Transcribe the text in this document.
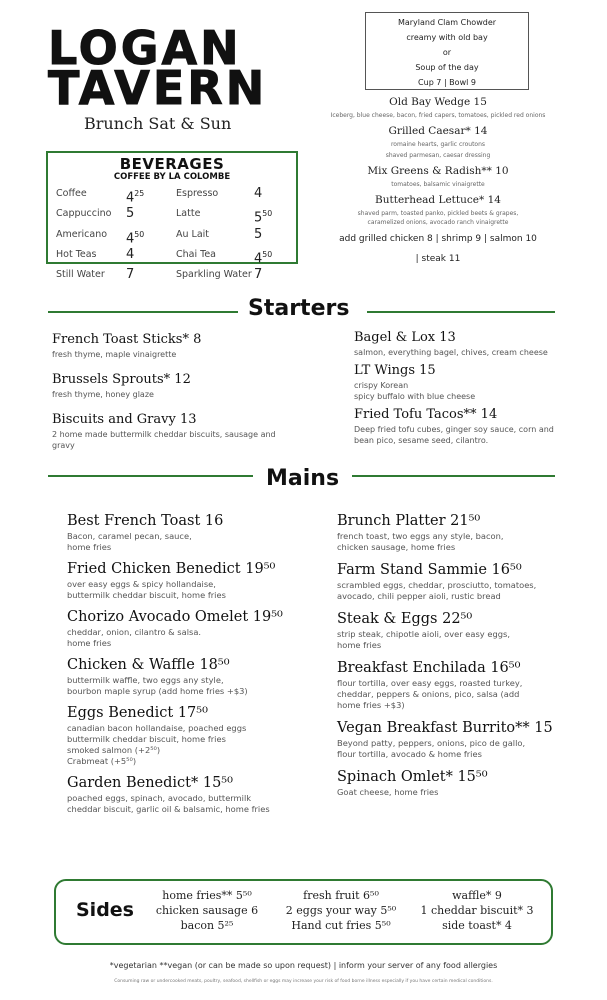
LOGAN
TAVERN
Brunch Sat & Sun
BEVERAGES
COFFEE BY LA COLOMBE
Coffee	$4^{25}$	Espresso	4
Cappuccino	5	Latte	$5^{50}$
Americano	$4^{50}$	Au Lait	5
Hot Teas	4	Chai Tea	$4^{50}$
Still Water	7	Sparkling Water 7
Maryland Clam Chowder
creamy with old bay
or
Soup of the day
Cup 7 | Bowl 9
Old Bay Wedge 15
Iceberg, blue cheese, bacon, fried capers, tomatoes, pickled red onions
Grilled Caesar* 14
romaine hearts, garlic croutons
shaved parmesan, caesar dressing
Mix Greens & Radish** 10
tomatoes, balsamic vinaigrette
Butterhead Lettuce* 14
shaved parm, toasted panko, pickled beets & grapes,
caramelized onions, avocado ranch vinaigrette
add grilled chicken 8 | shrimp 9 | salmon 10
| steak 11
Starters
French Toast Sticks* 8
fresh thyme, maple vinaigrette
Brussels Sprouts* 12
fresh thyme, honey glaze
Biscuits and Gravy 13
2 home made buttermilk cheddar biscuits, sausage and gravy
Bagel & Lox 13
salmon, everything bagel, chives, cream cheese
LT Wings 15
crispy Korean
spicy buffalo with blue cheese
Fried Tofu Tacos** 14
Deep fried tofu cubes, ginger soy sauce, corn and bean pico, sesame seed, cilantro.
Mains
Best French Toast 16
Bacon, caramel pecan, sauce,
home fries
Fried Chicken Benedict 19⁵⁰
over easy eggs & spicy hollandaise,
buttermilk cheddar biscuit, home fries
Chorizo Avocado Omelet 19⁵⁰
cheddar, onion, cilantro & salsa.
home fries
Chicken & Waffle 18⁵⁰
buttermilk waffle, two eggs any style,
bourbon maple syrup (add home fries +$3)
Eggs Benedict 17⁵⁰
canadian bacon hollandaise, poached eggs
buttermilk cheddar biscuit, home fries
smoked salmon (+2⁵⁰)
Crabmeat (+5⁵⁰)
Garden Benedict* 15⁵⁰
poached eggs, spinach, avocado, buttermilk
cheddar biscuit, garlic oil & balsamic, home fries
Brunch Platter 21⁵⁰
french toast, two eggs any style, bacon,
chicken sausage, home fries
Farm Stand Sammie 16⁵⁰
scrambled eggs, cheddar, prosciutto, tomatoes,
avocado, chili pepper aioli, rustic bread
Steak & Eggs 22⁵⁰
strip steak, chipotle aioli, over easy eggs,
home fries
Breakfast Enchilada 16⁵⁰
flour tortilla, over easy eggs, roasted turkey,
cheddar, peppers & onions, pico, salsa (add
home fries +$3)
Vegan Breakfast Burrito** 15
Beyond patty, peppers, onions, pico de gallo,
flour tortilla, avocado & home fries
Spinach Omlet* 15⁵⁰
Goat cheese, home fries
Sides
home fries** 5⁵⁰
chicken sausage 6
bacon 5²⁵
fresh fruit 6⁵⁰
2 eggs your way 5⁵⁰
Hand cut fries 5⁵⁰
waffle* 9
1 cheddar biscuit* 3
side toast* 4
*vegetarian **vegan (or can be made so upon request) | inform your server of any food allergies
Consuming raw or undercooked meats, poultry, seafood, shellfish or eggs may increase your risk of food borne illness especially if you have certain medical conditions.
